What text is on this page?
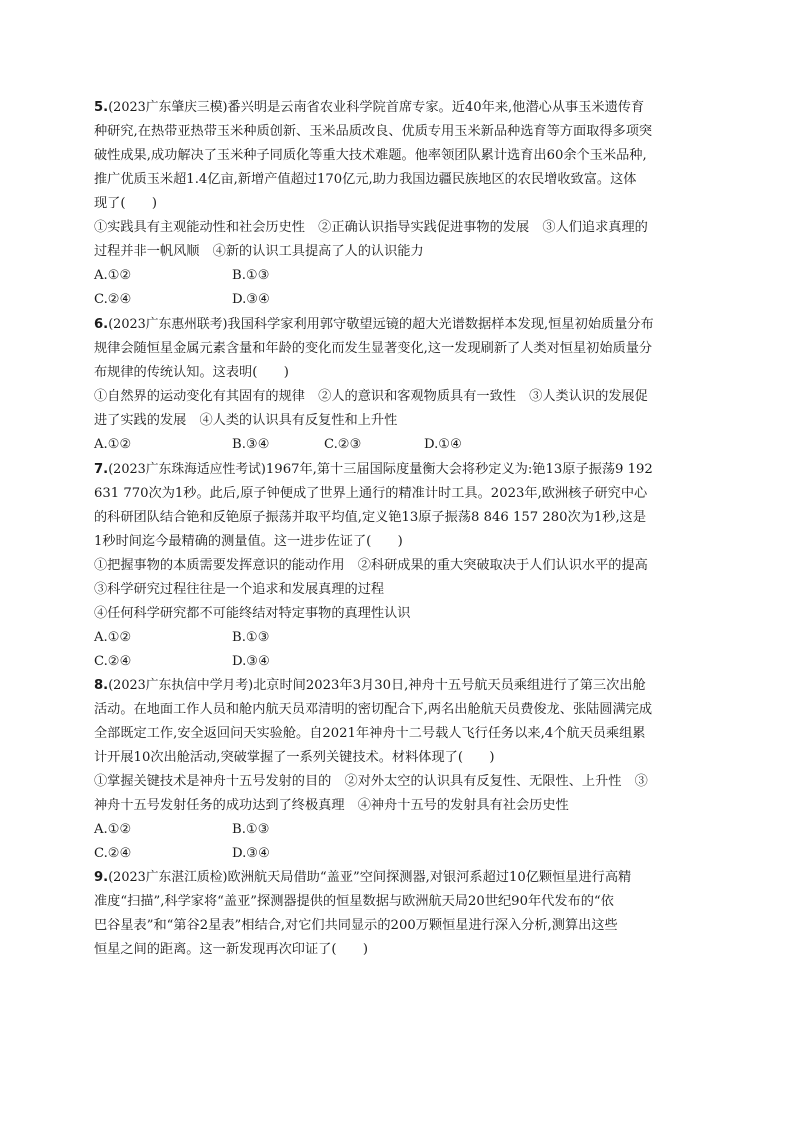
5.(2023广东肇庆三模)番兴明是云南省农业科学院首席专家。近40年来,他潜心从事玉米遗传育
种研究,在热带亚热带玉米种质创新、玉米品质改良、优质专用玉米新品种选育等方面取得多项突
破性成果,成功解决了玉米种子同质化等重大技术难题。他率领团队累计选育出60余个玉米品种,
推广优质玉米超1.4亿亩,新增产值超过170亿元,助力我国边疆民族地区的农民增收致富。这体
现了(　　)
①实践具有主观能动性和社会历史性　②正确认识指导实践促进事物的发展　③人们追求真理的
过程并非一帆风顺　④新的认识工具提高了人的认识能力
A.①②	B.①③
C.②④	D.③④
6.(2023广东惠州联考)我国科学家利用郭守敬望远镜的超大光谱数据样本发现,恒星初始质量分布
规律会随恒星金属元素含量和年龄的变化而发生显著变化,这一发现刷新了人类对恒星初始质量分
布规律的传统认知。这表明(　　)
①自然界的运动变化有其固有的规律　②人的意识和客观物质具有一致性　③人类认识的发展促
进了实践的发展　④人类的认识具有反复性和上升性
A.①②	B.③④	C.②③	D.①④
7.(2023广东珠海适应性考试)1967年,第十三届国际度量衡大会将秒定义为:铯13原子振荡9 192
631 770次为1秒。此后,原子钟便成了世界上通行的精准计时工具。2023年,欧洲核子研究中心
的科研团队结合铯和反铯原子振荡并取平均值,定义铯13原子振荡8 846 157 280次为1秒,这是
1秒时间迄今最精确的测量值。这一进步佐证了(　　)
①把握事物的本质需要发挥意识的能动作用　②科研成果的重大突破取决于人们认识水平的提高
③科学研究过程往往是一个追求和发展真理的过程
④任何科学研究都不可能终结对特定事物的真理性认识
A.①②	B.①③
C.②④	D.③④
8.(2023广东执信中学月考)北京时间2023年3月30日,神舟十五号航天员乘组进行了第三次出舱
活动。在地面工作人员和舱内航天员邓清明的密切配合下,两名出舱航天员费俊龙、张陆圆满完成
全部既定工作,安全返回问天实验舱。自2021年神舟十二号载人飞行任务以来,4个航天员乘组累
计开展10次出舱活动,突破掌握了一系列关键技术。材料体现了(　　)
①掌握关键技术是神舟十五号发射的目的　②对外太空的认识具有反复性、无限性、上升性　③
神舟十五号发射任务的成功达到了终极真理　④神舟十五号的发射具有社会历史性
A.①②	B.①③
C.②④	D.③④
9.(2023广东湛江质检)欧洲航天局借助“盖亚”空间探测器,对银河系超过10亿颗恒星进行高精
准度“扫描”,科学家将“盖亚”探测器提供的恒星数据与欧洲航天局20世纪90年代发布的“依
巴谷星表”和“第谷2星表”相结合,对它们共同显示的200万颗恒星进行深入分析,测算出这些
恒星之间的距离。这一新发现再次印证了(　　)
